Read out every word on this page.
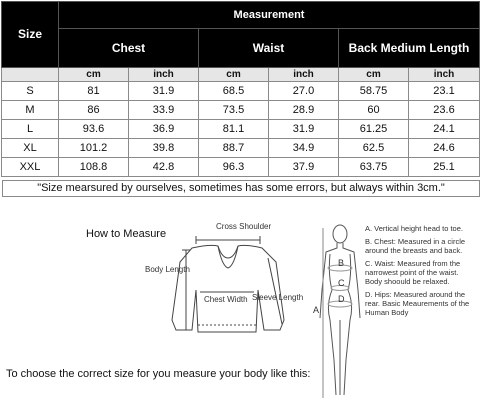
Size	Measurement					
	Chest		Waist		Back Medium Length	
	cm	inch	cm	inch	cm	inch
S	81	31.9	68.5	27.0	58.75	23.1
M	86	33.9	73.5	28.9	60	23.6
L	93.6	36.9	81.1	31.9	61.25	24.1
XL	101.2	39.8	88.7	34.9	62.5	24.6
XXL	108.8	42.8	96.3	37.9	63.75	25.1
"Size mearsured by ourselves, sometimes has some errors, but always within 3cm."
How to Measure
Cross Shoulder
Body Length
Chest Width Sleeve Length
B
C
D
A
A. Vertical height head to toe.
B. Chest: Measured in a circle around the breasts and back.
C. Waist: Measured from the narrowest point of the waist. Body shoould be relaxed.
D. Hips: Measured around the rear. Basic Meaurements of the Human Body
To choose the correct size for you measure your body like this:
